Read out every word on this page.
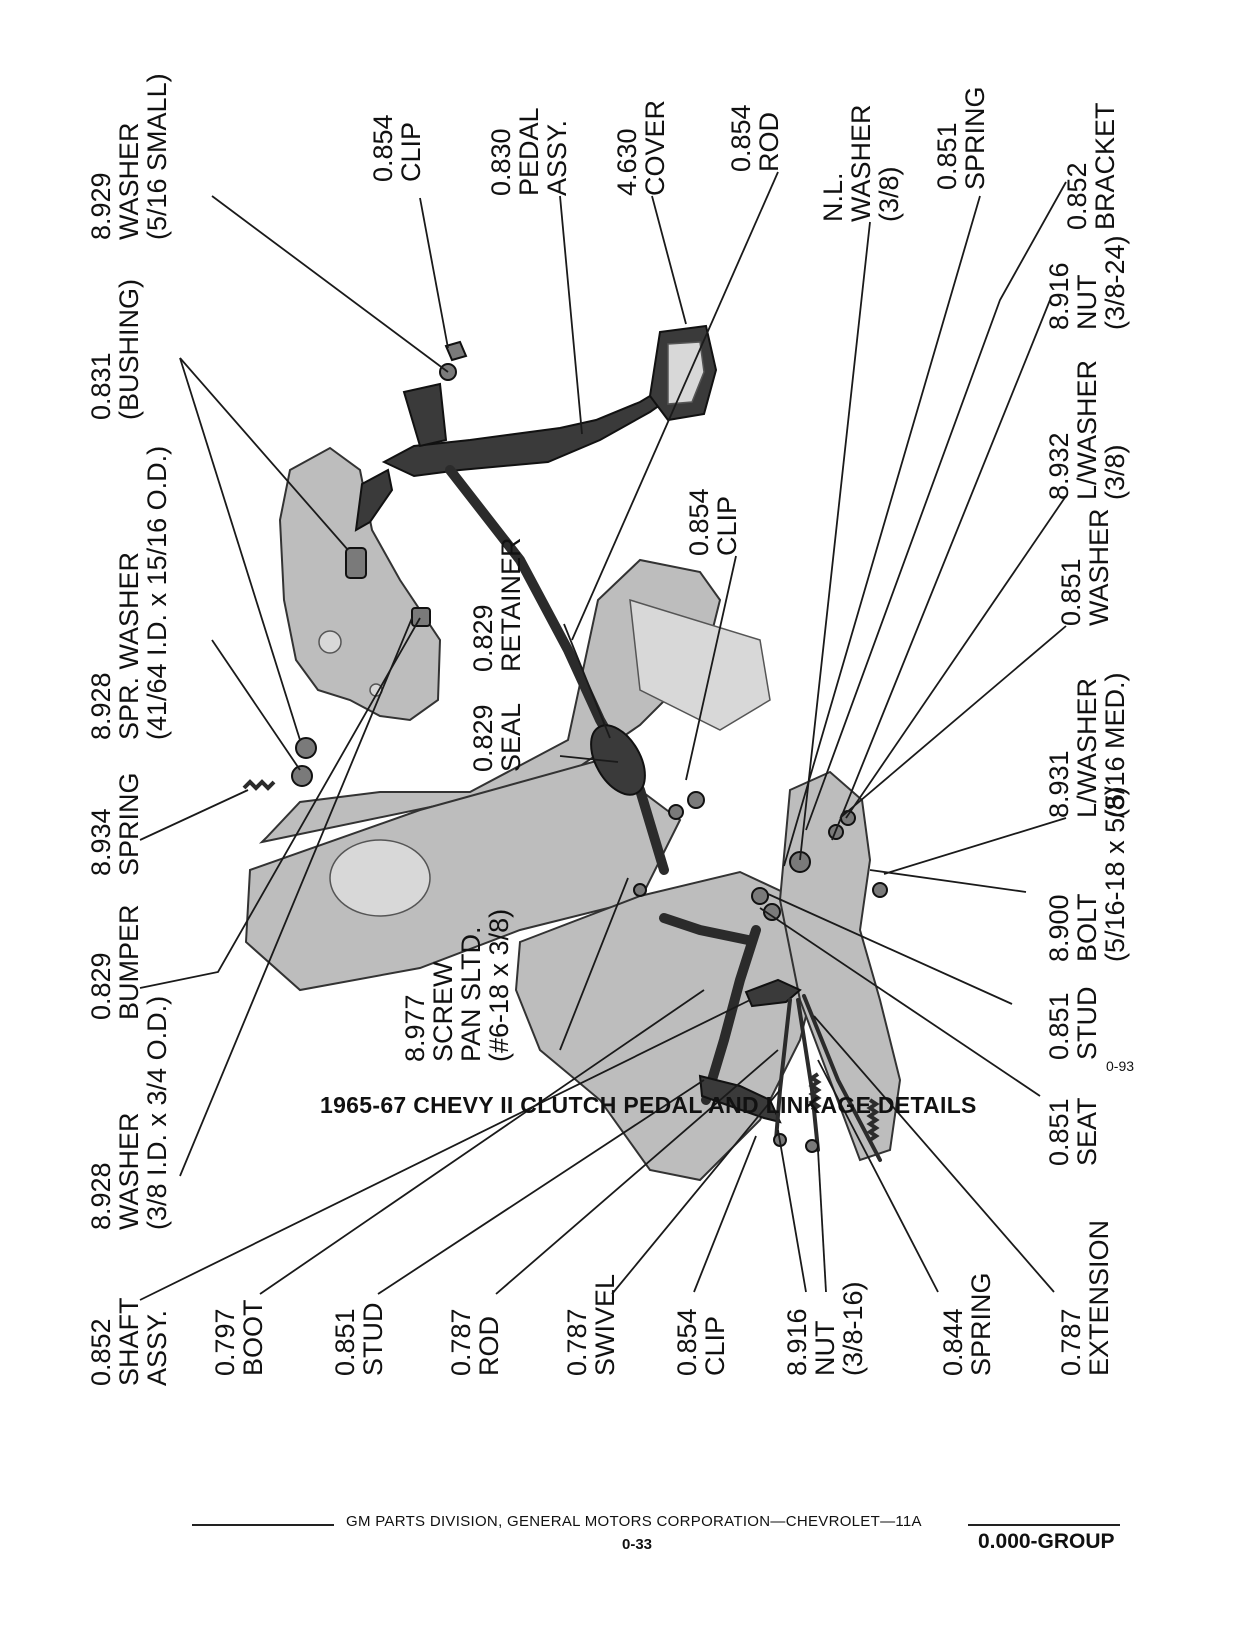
8.929 WASHER (5/16 SMALL)
0.831 (BUSHING)
8.928 SPR. WASHER (41/64 I.D. x 15/16 O.D.)
8.934 SPRING
0.829 BUMPER
8.928 WASHER (3/8 I.D. x 3/4 O.D.)
0.854 CLIP 0.830 PEDAL ASSY. 4.630 COVER 0.854 ROD
N.L. WASHER (3/8)
0.851 SPRING
0.852 BRACKET
8.916 NUT (3/8-24)
8.932 L/WASHER (3/8)
0.851 WASHER
8.931 L/WASHER (5/16 MED.)
0.854 CLIP
0.829 RETAINER
0.829 SEAL
8.977 SCREW PAN SLTD. (#6-18 x 3/8)	8.900 BOLT (5/16-18 x 5/8)
0.851 STUD
0.851 SEAT
0.852 SHAFT ASSY. 0.797 BOOT 0.851 STUD 0.787 ROD 0.787 SWIVEL 0.854 CLIP 8.916 NUT (3/8-16)	0.844 SPRING 0.787 EXTENSION
0-93
1965-67 CHEVY II CLUTCH PEDAL AND LINKAGE DETAILS
GM PARTS DIVISION, GENERAL MOTORS CORPORATION—CHEVROLET—11A
0-33	0.000-GROUP
